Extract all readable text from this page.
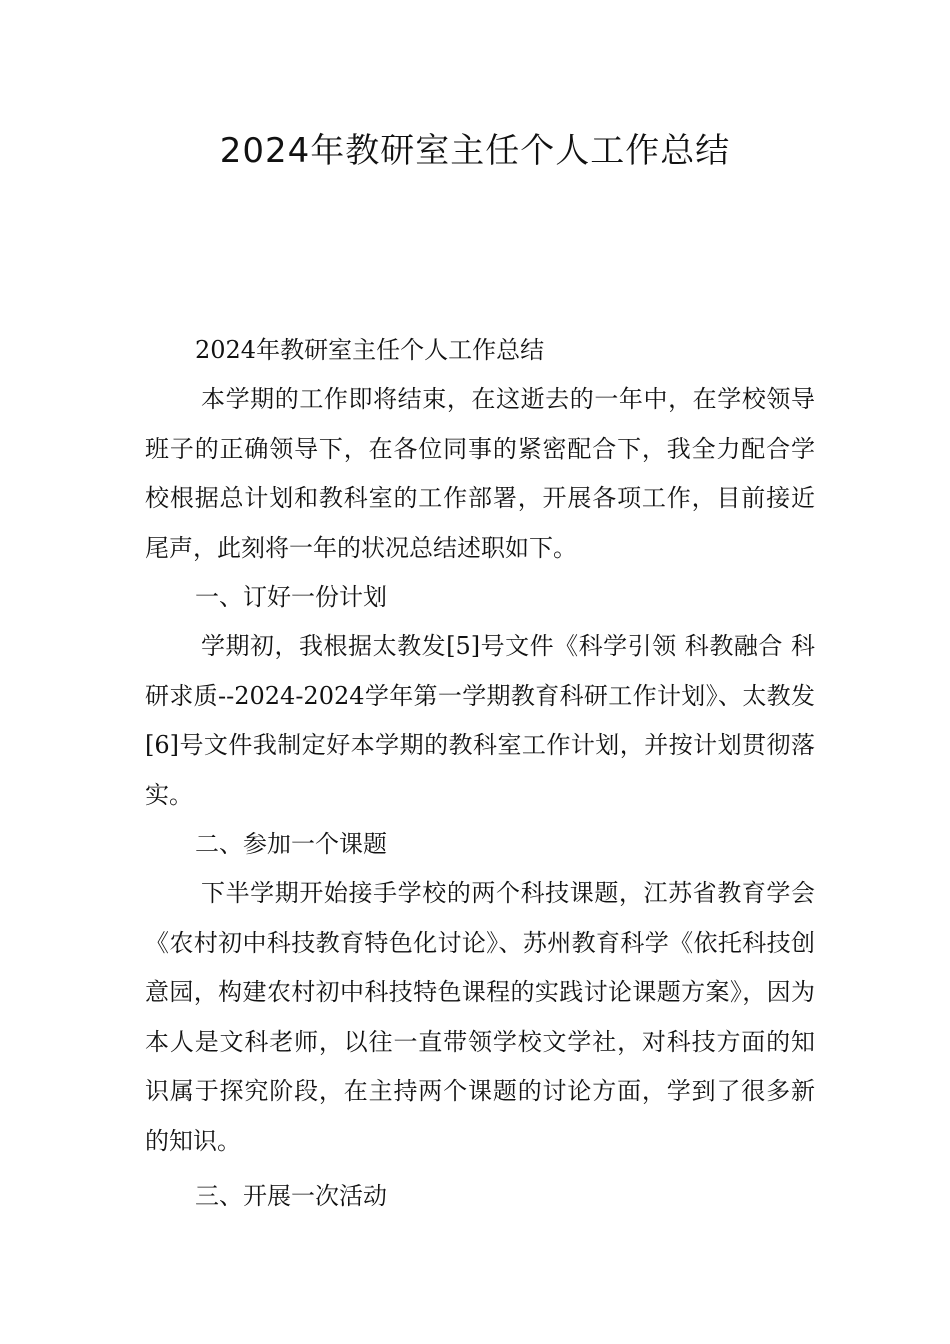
2024年教研室主任个人工作总结

2024年教研室主任个人工作总结

本学期的工作即将结束，在这逝去的一年中，在学校领导班子的正确领导下，在各位同事的紧密配合下，我全力配合学校根据总计划和教科室的工作部署，开展各项工作，目前接近尾声，此刻将一年的状况总结述职如下。

一、订好一份计划

学期初，我根据太教发[5]号文件《科学引领 科教融合 科研求质--2024-2024学年第一学期教育科研工作计划》、太教发[6]号文件我制定好本学期的教科室工作计划，并按计划贯彻落实。

二、参加一个课题

下半学期开始接手学校的两个科技课题，江苏省教育学会《农村初中科技教育特色化讨论》、苏州教育科学《依托科技创意园，构建农村初中科技特色课程的实践讨论课题方案》，因为本人是文科老师，以往一直带领学校文学社，对科技方面的知识属于探究阶段，在主持两个课题的讨论方面，学到了很多新的知识。

三、开展一次活动
